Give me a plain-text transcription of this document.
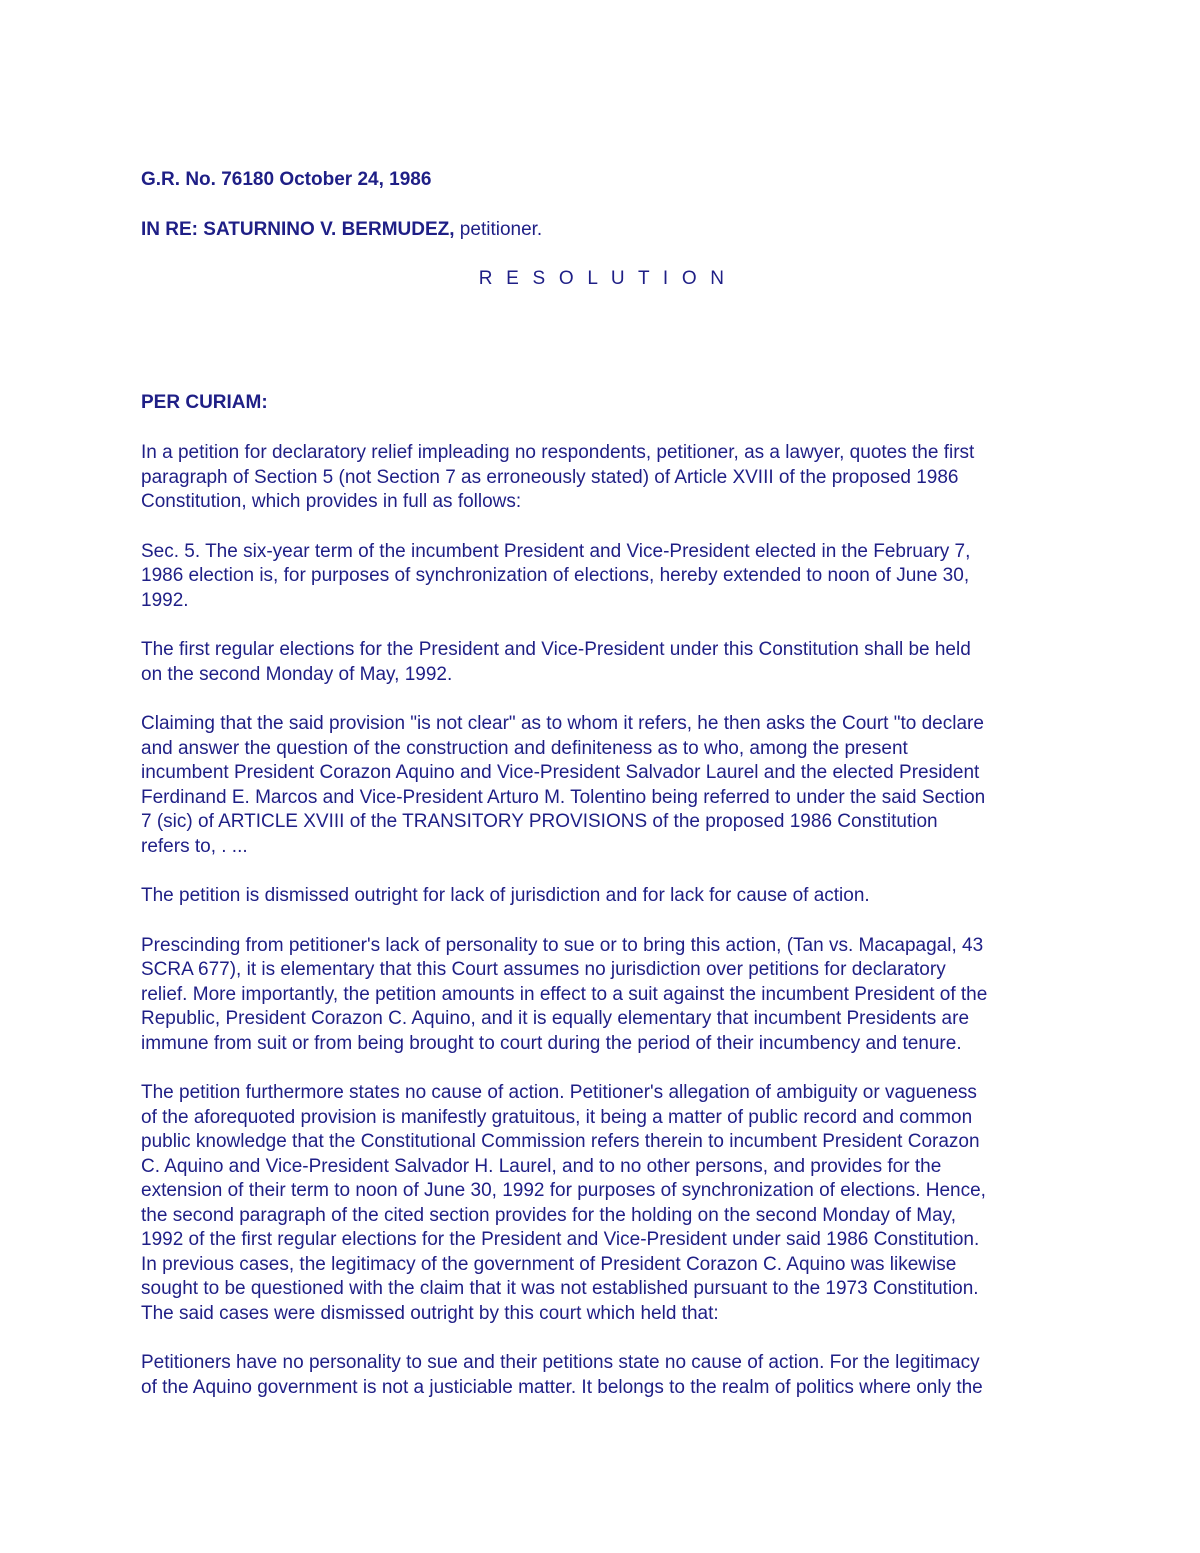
G.R. No. 76180 October 24, 1986

IN RE: SATURNINO V. BERMUDEZ, petitioner.

R E S O L U T I O N

PER CURIAM:

In a petition for declaratory relief impleading no respondents, petitioner, as a lawyer, quotes the first

paragraph of Section 5 (not Section 7 as erroneously stated) of Article XVIII of the proposed 1986

Constitution, which provides in full as follows:

Sec. 5. The six-year term of the incumbent President and Vice-President elected in the February 7,

1986 election is, for purposes of synchronization of elections, hereby extended to noon of June 30,

1992.

The first regular elections for the President and Vice-President under this Constitution shall be held

on the second Monday of May, 1992.

Claiming that the said provision "is not clear" as to whom it refers, he then asks the Court "to declare

and answer the question of the construction and definiteness as to who, among the present

incumbent President Corazon Aquino and Vice-President Salvador Laurel and the elected President

Ferdinand E. Marcos and Vice-President Arturo M. Tolentino being referred to under the said Section

7 (sic) of ARTICLE XVIII of the TRANSITORY PROVISIONS of the proposed 1986 Constitution

refers to, . ...

The petition is dismissed outright for lack of jurisdiction and for lack for cause of action.

Prescinding from petitioner's lack of personality to sue or to bring this action, (Tan vs. Macapagal, 43

SCRA 677), it is elementary that this Court assumes no jurisdiction over petitions for declaratory

relief. More importantly, the petition amounts in effect to a suit against the incumbent President of the

Republic, President Corazon C. Aquino, and it is equally elementary that incumbent Presidents are

immune from suit or from being brought to court during the period of their incumbency and tenure.

The petition furthermore states no cause of action. Petitioner's allegation of ambiguity or vagueness

of the aforequoted provision is manifestly gratuitous, it being a matter of public record and common

public knowledge that the Constitutional Commission refers therein to incumbent President Corazon

C. Aquino and Vice-President Salvador H. Laurel, and to no other persons, and provides for the

extension of their term to noon of June 30, 1992 for purposes of synchronization of elections. Hence,

the second paragraph of the cited section provides for the holding on the second Monday of May,

1992 of the first regular elections for the President and Vice-President under said 1986 Constitution.

In previous cases, the legitimacy of the government of President Corazon C. Aquino was likewise

sought to be questioned with the claim that it was not established pursuant to the 1973 Constitution.

The said cases were dismissed outright by this court which held that:

Petitioners have no personality to sue and their petitions state no cause of action. For the legitimacy

of the Aquino government is not a justiciable matter. It belongs to the realm of politics where only the
